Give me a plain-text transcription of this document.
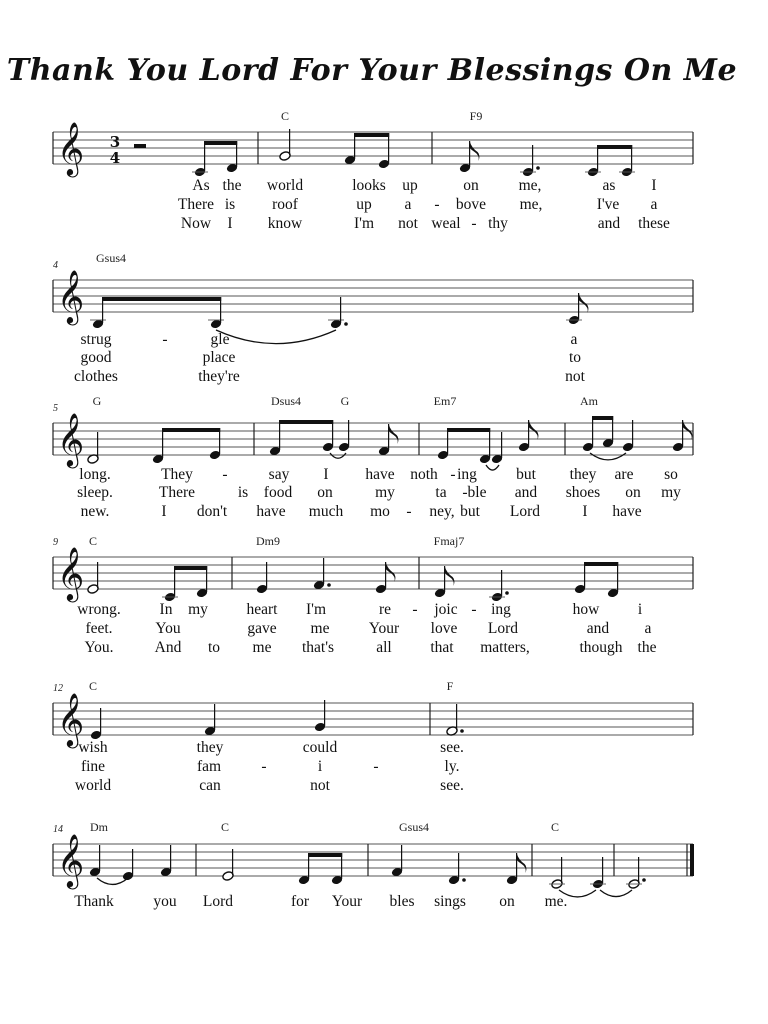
Thank You Lord For Your Blessings On Me
𝄞 3
4
C	F9
As the world	looks up	on	me,	as I
There is roof	up a - bove me,	I've a
Now I know	I'm not weal - thy	and these
𝄞
4
Gsus4
strug	-	gle	a
good	place	to
clothes	they're	not
𝄞
5
G	Dsus4	G	Em7	Am
long.	They -	say I have noth - ing	but they are so
sleep.	There	is food on	my	ta - ble and shoes on my
new.	I don't have much mo - ney, but Lord	I have
𝄞
9	C	Dm9	Fmaj7
wrong.	In my heart I'm	re - joic - ing	how i
feet.	You	gave me	Your love Lord	and a
You.	And to me that's	all that matters,	though the
𝄞
12 C	F
wish	they	could	see.
fine	fam	-	i	-	ly.
world	can	not	see.
𝄞
14 Dm	C	Gsus4	C
Thank	you Lord	for Your bles sings on me.
